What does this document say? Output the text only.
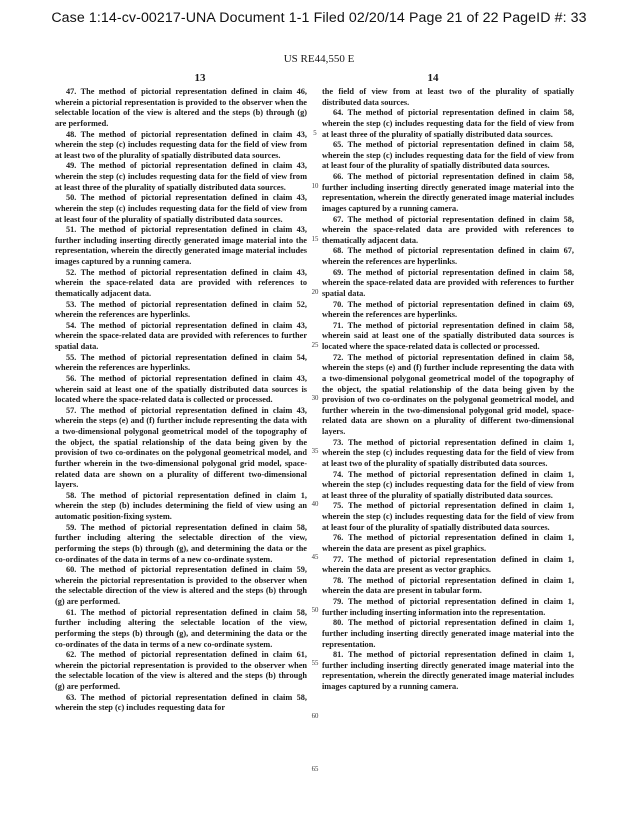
Case 1:14-cv-00217-UNA Document 1-1 Filed 02/20/14 Page 21 of 22 PageID #: 33
US RE44,550 E
13	14

47. The method of pictorial representation defined in claim 46, wherein a pictorial representation is provided to the observer when the selectable location of the view is altered and the steps (b) through (g) are performed.

48. The method of pictorial representation defined in claim 43, wherein the step (c) includes requesting data for the field of view from at least two of the plurality of spatially distributed data sources.

49. The method of pictorial representation defined in claim 43, wherein the step (c) includes requesting data for the field of view from at least three of the plurality of spatially distributed data sources.

50. The method of pictorial representation defined in claim 43, wherein the step (c) includes requesting data for the field of view from at least four of the plurality of spatially distributed data sources.

51. The method of pictorial representation defined in claim 43, further including inserting directly generated image material into the representation, wherein the directly generated image material includes images captured by a running camera.

52. The method of pictorial representation defined in claim 43, wherein the space-related data are provided with references to thematically adjacent data.

53. The method of pictorial representation defined in claim 52, wherein the references are hyperlinks.

54. The method of pictorial representation defined in claim 43, wherein the space-related data are provided with references to further spatial data.

55. The method of pictorial representation defined in claim 54, wherein the references are hyperlinks.

56. The method of pictorial representation defined in claim 43, wherein said at least one of the spatially distributed data sources is located where the space-related data is collected or processed.

57. The method of pictorial representation defined in claim 43, wherein the steps (e) and (f) further include representing the data with a two-dimensional polygonal geometrical model of the topography of the object, the spatial relationship of the data being given by the provision of two co-ordinates on the polygonal geometrical model, and further wherein in the two-dimensional polygonal grid model, space-related data are shown on a plurality of different two-dimensional layers.

58. The method of pictorial representation defined in claim 1, wherein the step (b) includes determining the field of view using an automatic position-fixing system.

59. The method of pictorial representation defined in claim 58, further including altering the selectable direction of the view, performing the steps (b) through (g), and determining the data or the co-ordinates of the data in terms of a new co-ordinate system.

60. The method of pictorial representation defined in claim 59, wherein the pictorial representation is provided to the observer when the selectable direction of the view is altered and the steps (b) through (g) are performed.

61. The method of pictorial representation defined in claim 58, further including altering the selectable location of the view, performing the steps (b) through (g), and determining the data or the co-ordinates of the data in terms of a new co-ordinate system.

62. The method of pictorial representation defined in claim 61, wherein the pictorial representation is provided to the observer when the selectable location of the view is altered and the steps (b) through (g) are performed.

63. The method of pictorial representation defined in claim 58, wherein the step (c) includes requesting data for

the field of view from at least two of the plurality of spatially distributed data sources.

64. The method of pictorial representation defined in claim 58, wherein the step (c) includes requesting data for the field of view from at least three of the plurality of spatially distributed data sources.

65. The method of pictorial representation defined in claim 58, wherein the step (c) includes requesting data for the field of view from at least four of the plurality of spatially distributed data sources.

66. The method of pictorial representation defined in claim 58, further including inserting directly generated image material into the representation, wherein the directly generated image material includes images captured by a running camera.

67. The method of pictorial representation defined in claim 58, wherein the space-related data are provided with references to thematically adjacent data.

68. The method of pictorial representation defined in claim 67, wherein the references are hyperlinks.

69. The method of pictorial representation defined in claim 58, wherein the space-related data are provided with references to further spatial data.

70. The method of pictorial representation defined in claim 69, wherein the references are hyperlinks.

71. The method of pictorial representation defined in claim 58, wherein said at least one of the spatially distributed data sources is located where the space-related data is collected or processed.

72. The method of pictorial representation defined in claim 58, wherein the steps (e) and (f) further include representing the data with a two-dimensional polygonal geometrical model of the topography of the object, the spatial relationship of the data being given by the provision of two co-ordinates on the polygonal geometrical model, and further wherein in the two-dimensional polygonal grid model, space-related data are shown on a plurality of different two-dimensional layers.

73. The method of pictorial representation defined in claim 1, wherein the step (c) includes requesting data for the field of view from at least two of the plurality of spatially distributed data sources.

74. The method of pictorial representation defined in claim 1, wherein the step (c) includes requesting data for the field of view from at least three of the plurality of spatially distributed data sources.

75. The method of pictorial representation defined in claim 1, wherein the step (c) includes requesting data for the field of view from at least four of the plurality of spatially distributed data sources.

76. The method of pictorial representation defined in claim 1, wherein the data are present as pixel graphics.

77. The method of pictorial representation defined in claim 1, wherein the data are present as vector graphics.

78. The method of pictorial representation defined in claim 1, wherein the data are present in tabular form.

79. The method of pictorial representation defined in claim 1, further including inserting information into the representation.

80. The method of pictorial representation defined in claim 1, further including inserting directly generated image material into the representation.

81. The method of pictorial representation defined in claim 1, further including inserting directly generated image material into the representation, wherein the directly generated image material includes images captured by a running camera.

5
10
15
20
25
30
35
40
45
50
55
60
65
